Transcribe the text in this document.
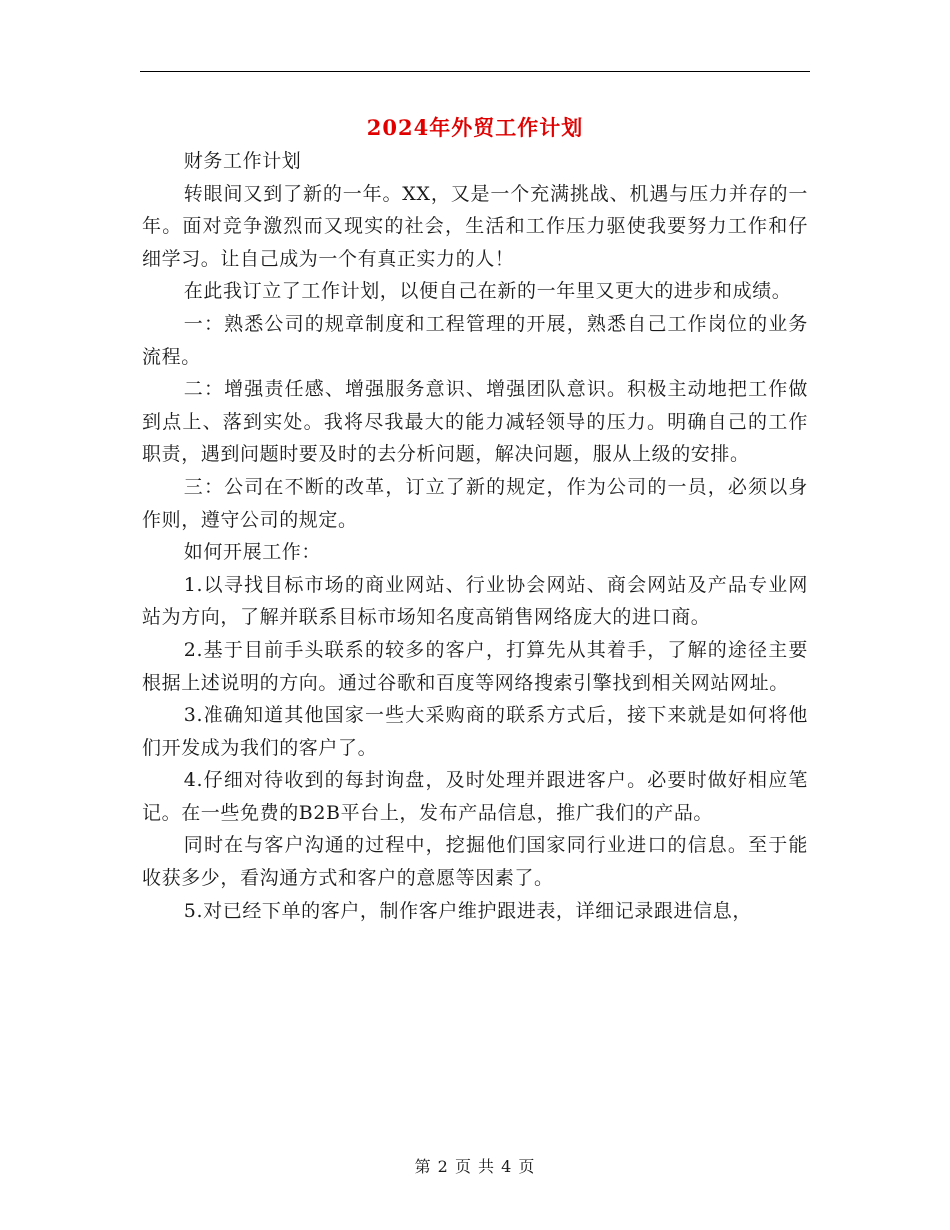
2024年外贸工作计划

财务工作计划

转眼间又到了新的一年。XX，又是一个充满挑战、机遇与压力并存的一年。面对竞争激烈而又现实的社会，生活和工作压力驱使我要努力工作和仔细学习。让自己成为一个有真正实力的人！

在此我订立了工作计划，以便自己在新的一年里又更大的进步和成绩。

一：熟悉公司的规章制度和工程管理的开展，熟悉自己工作岗位的业务流程。

二：增强责任感、增强服务意识、增强团队意识。积极主动地把工作做到点上、落到实处。我将尽我最大的能力减轻领导的压力。明确自己的工作职责，遇到问题时要及时的去分析问题，解决问题，服从上级的安排。

三：公司在不断的改革，订立了新的规定，作为公司的一员，必须以身作则，遵守公司的规定。

如何开展工作：

1.以寻找目标市场的商业网站、行业协会网站、商会网站及产品专业网站为方向，了解并联系目标市场知名度高销售网络庞大的进口商。

2.基于目前手头联系的较多的客户，打算先从其着手，了解的途径主要根据上述说明的方向。通过谷歌和百度等网络搜索引擎找到相关网站网址。

3.准确知道其他国家一些大采购商的联系方式后，接下来就是如何将他们开发成为我们的客户了。

4.仔细对待收到的每封询盘，及时处理并跟进客户。必要时做好相应笔记。在一些免费的B2B平台上，发布产品信息，推广我们的产品。

同时在与客户沟通的过程中，挖掘他们国家同行业进口的信息。至于能收获多少，看沟通方式和客户的意愿等因素了。

5.对已经下单的客户，制作客户维护跟进表，详细记录跟进信息，

第 2 页 共 4 页
